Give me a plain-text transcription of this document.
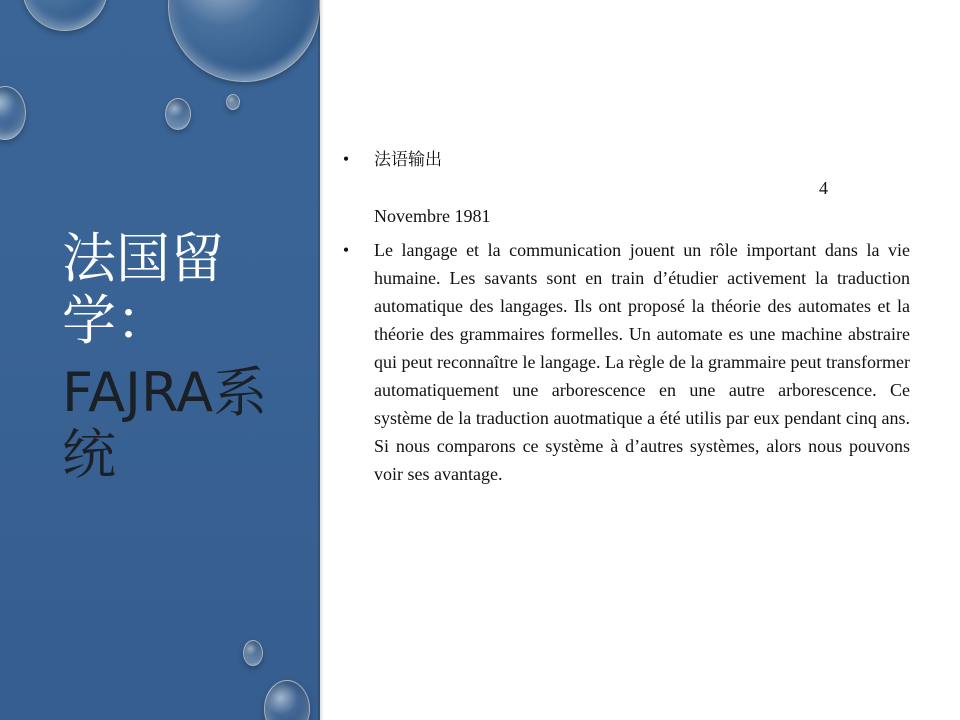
法国留
学：
FAJRA系
统
• 法语输出
4
Novembre 1981
• Le langage et la communication jouent un rôle important dans la vie humaine. Les savants sont en train d’étudier activement la traduction automatique des langages. Ils ont proposé la théorie des automates et la théorie des grammaires formelles. Un automate es une machine abstraire qui peut reconnaître le langage. La règle de la grammaire peut transformer automatiquement une arborescence en une autre arborescence. Ce système de la traduction auotmatique a été utilis par eux pendant cinq ans. Si nous comparons ce système à d’autres systèmes, alors nous pouvons voir ses avantage.
